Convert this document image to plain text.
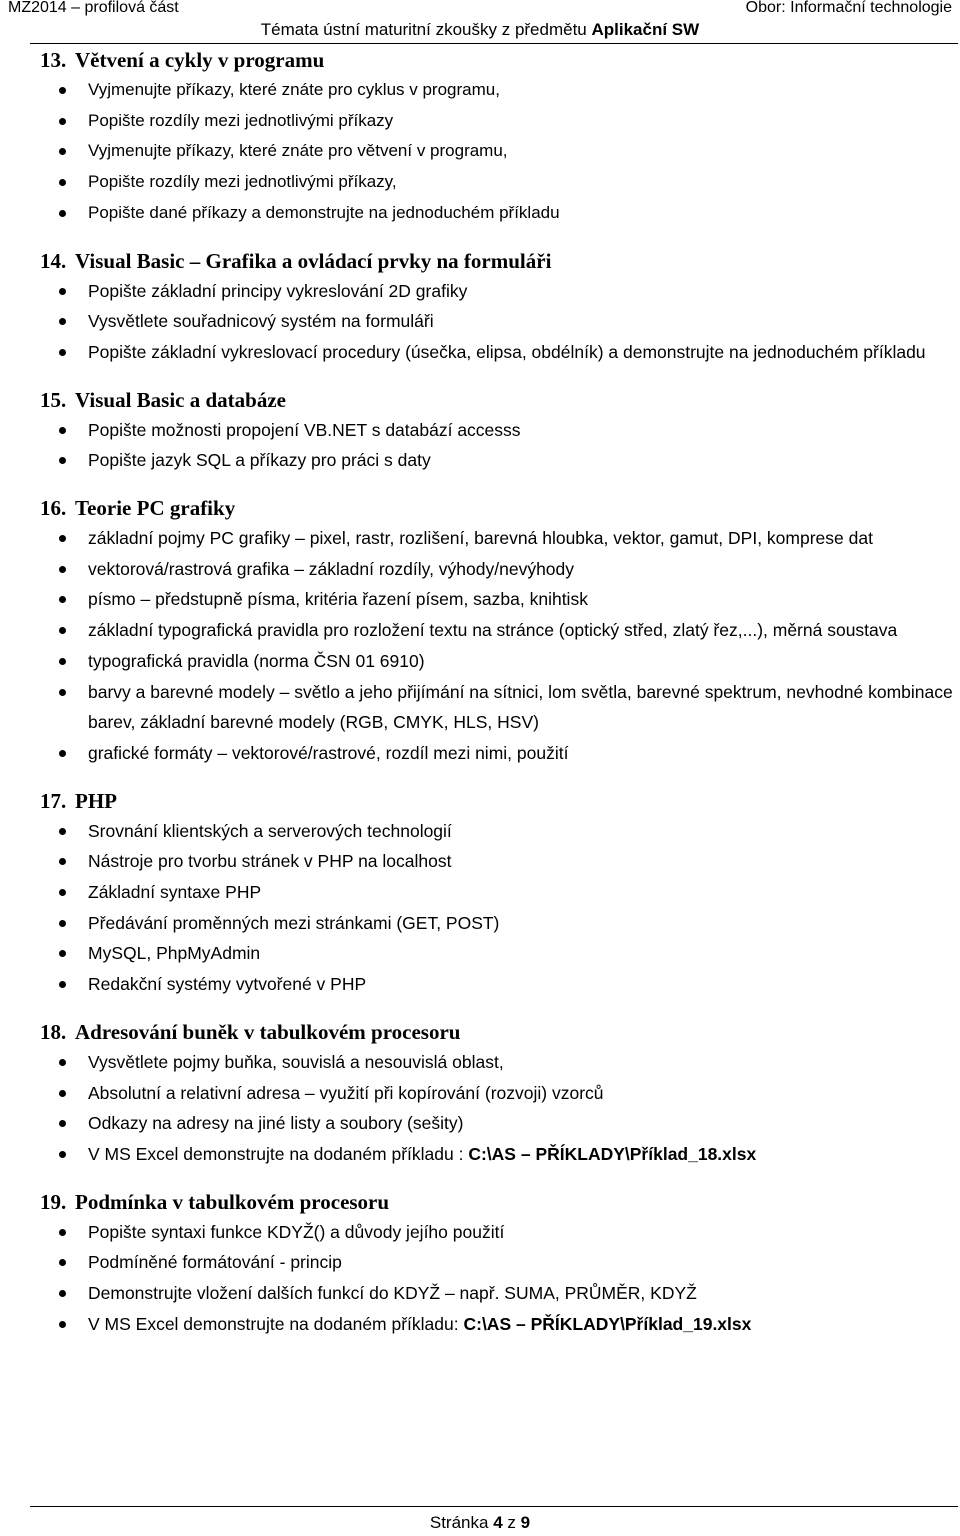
MZ2014 – profilová část	Obor: Informační technologie
Témata ústní maturitní zkoušky z předmětu Aplikační SW
13. Větvení a cykly v programu
Vyjmenujte příkazy, které znáte pro cyklus v programu,
Popište rozdíly mezi jednotlivými příkazy
Vyjmenujte příkazy, které znáte pro větvení v programu,
Popište rozdíly mezi jednotlivými příkazy,
Popište dané příkazy a demonstrujte na jednoduchém příkladu
14. Visual Basic – Grafika a ovládací prvky na formuláři
Popište základní principy vykreslování 2D grafiky
Vysvětlete souřadnicový systém na formuláři
Popište základní vykreslovací procedury (úsečka, elipsa, obdélník) a demonstrujte na jednoduchém příkladu
15. Visual Basic a databáze
Popište možnosti propojení VB.NET s databází accesss
Popište jazyk SQL a příkazy pro práci s daty
16. Teorie PC grafiky
základní pojmy PC grafiky – pixel, rastr, rozlišení, barevná hloubka, vektor, gamut, DPI, komprese dat
vektorová/rastrová grafika – základní rozdíly, výhody/nevýhody
písmo – předstupně písma, kritéria řazení písem, sazba, knihtisk
základní typografická pravidla pro rozložení textu na stránce (optický střed, zlatý řez,...), měrná soustava
typografická pravidla (norma ČSN 01 6910)
barvy a barevné modely – světlo a jeho přijímání na sítnici, lom světla, barevné spektrum, nevhodné kombinace barev, základní barevné modely (RGB, CMYK, HLS, HSV)
grafické formáty – vektorové/rastrové, rozdíl mezi nimi, použití
17. PHP
Srovnání klientských a serverových technologií
Nástroje pro tvorbu stránek v PHP na localhost
Základní syntaxe PHP
Předávání proměnných mezi stránkami (GET, POST)
MySQL, PhpMyAdmin
Redakční systémy vytvořené v PHP
18. Adresování buněk v tabulkovém procesoru
Vysvětlete pojmy buňka, souvislá a nesouvislá oblast,
Absolutní a relativní adresa – využití při kopírování (rozvoji) vzorců
Odkazy na adresy na jiné listy a soubory (sešity)
V MS Excel demonstrujte na dodaném příkladu : C:\AS – PŘÍKLADY\Příklad_18.xlsx
19. Podmínka v tabulkovém procesoru
Popište syntaxi funkce KDYŽ() a důvody jejího použití
Podmíněné formátování - princip
Demonstrujte vložení dalších funkcí do KDYŽ – např. SUMA, PRŮMĚR, KDYŽ
V MS Excel demonstrujte na dodaném příkladu: C:\AS – PŘÍKLADY\Příklad_19.xlsx
Stránka 4 z 9
